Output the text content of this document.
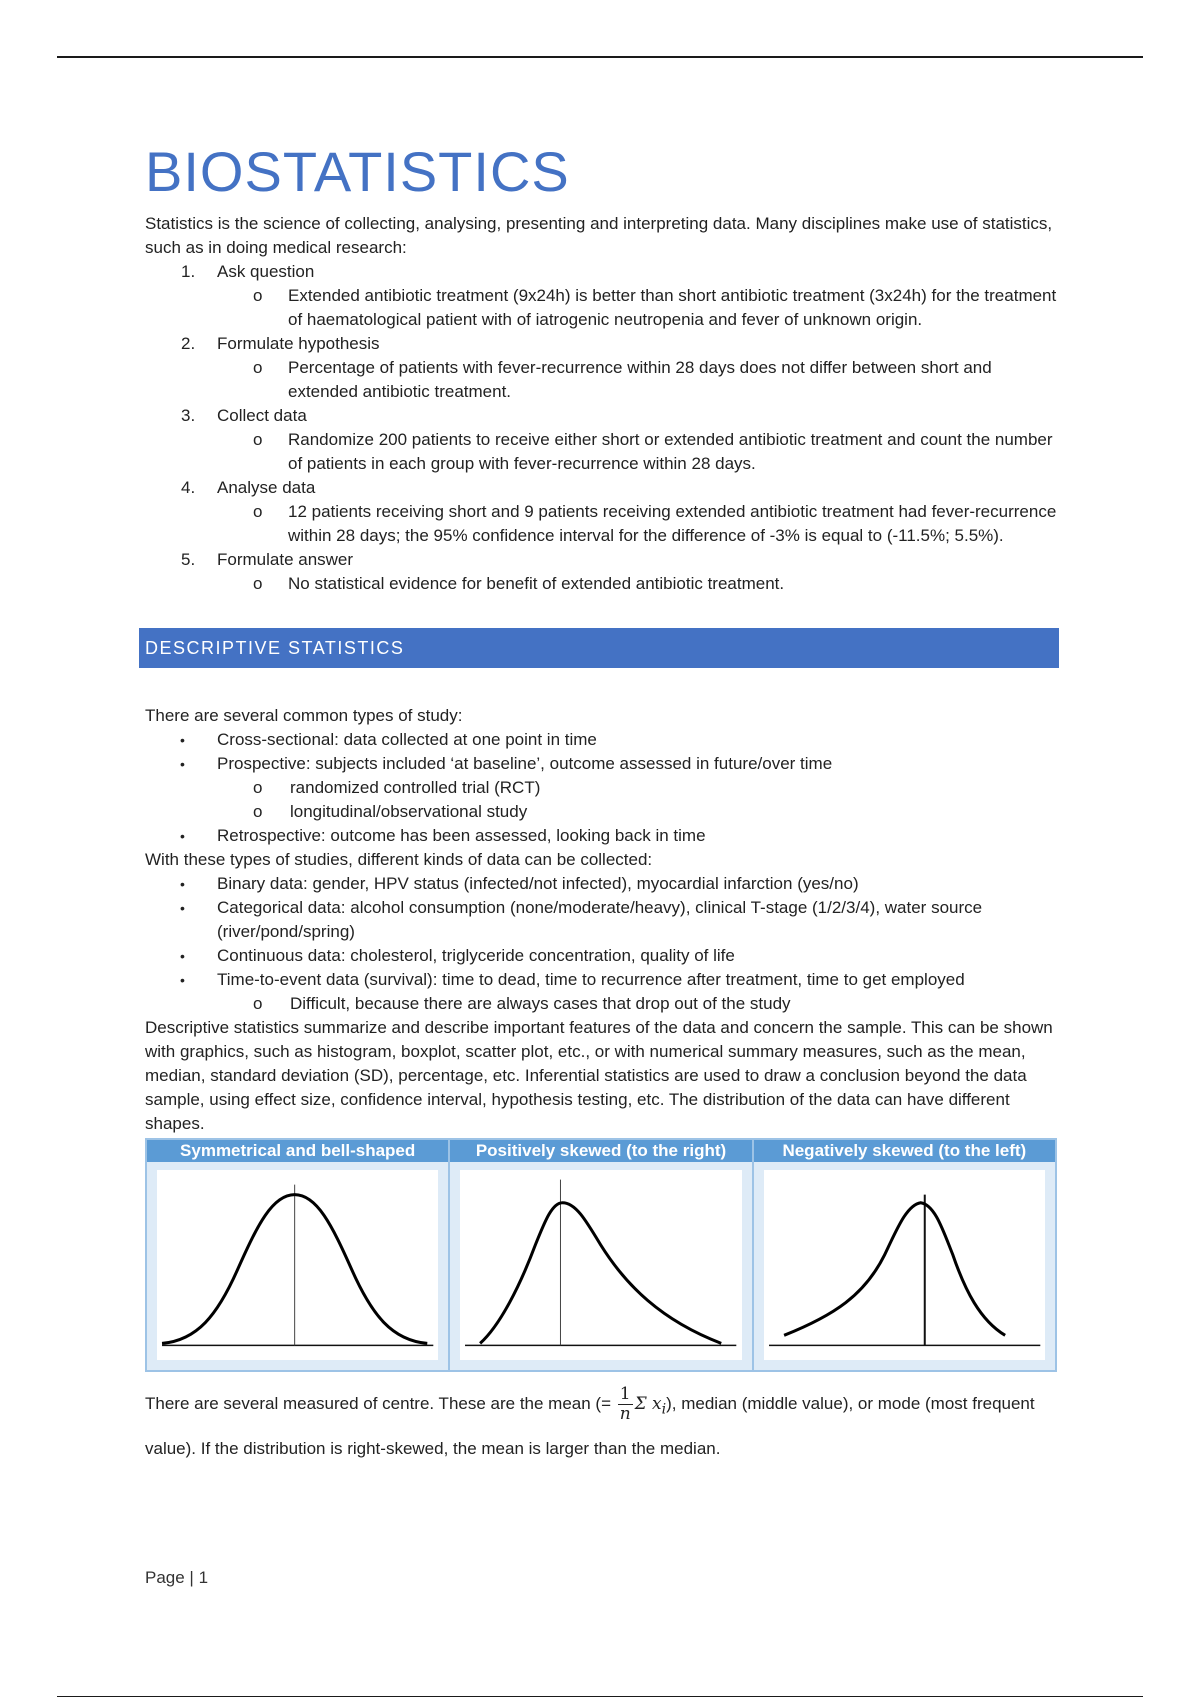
BIOSTATISTICS

Statistics is the science of collecting, analysing, presenting and interpreting data. Many disciplines make use of statistics, such as in doing medical research:

1. Ask question
o Extended antibiotic treatment (9x24h) is better than short antibiotic treatment (3x24h) for the treatment of haematological patient with of iatrogenic neutropenia and fever of unknown origin.
2. Formulate hypothesis
o Percentage of patients with fever-recurrence within 28 days does not differ between short and extended antibiotic treatment.
3. Collect data
o Randomize 200 patients to receive either short or extended antibiotic treatment and count the number of patients in each group with fever-recurrence within 28 days.
4. Analyse data
o 12 patients receiving short and 9 patients receiving extended antibiotic treatment had fever-recurrence within 28 days; the 95% confidence interval for the difference of -3% is equal to (-11.5%; 5.5%).
5. Formulate answer
o No statistical evidence for benefit of extended antibiotic treatment.
DESCRIPTIVE STATISTICS

There are several common types of study:

• Cross-sectional: data collected at one point in time
• Prospective: subjects included ‘at baseline’, outcome assessed in future/over time
o randomized controlled trial (RCT)
o longitudinal/observational study
• Retrospective: outcome has been assessed, looking back in time

With these types of studies, different kinds of data can be collected:

• Binary data: gender, HPV status (infected/not infected), myocardial infarction (yes/no)
• Categorical data: alcohol consumption (none/moderate/heavy), clinical T-stage (1/2/3/4), water source (river/pond/spring)
• Continuous data: cholesterol, triglyceride concentration, quality of life
• Time-to-event data (survival): time to dead, time to recurrence after treatment, time to get employed
o Difficult, because there are always cases that drop out of the study

Descriptive statistics summarize and describe important features of the data and concern the sample. This can be shown with graphics, such as histogram, boxplot, scatter plot, etc., or with numerical summary measures, such as the mean, median, standard deviation (SD), percentage, etc. Inferential statistics are used to draw a conclusion beyond the data sample, using effect size, confidence interval, hypothesis testing, etc. The distribution of the data can have different shapes.

Symmetrical and bell-shaped	Positively skewed (to the right)	Negatively skewed (to the left)

There are several measured of centre. These are the mean (= $\frac{1}{n}$ Σ $x_i$), median (middle value), or mode (most frequent value). If the distribution is right-skewed, the mean is larger than the median.

Page | 1
